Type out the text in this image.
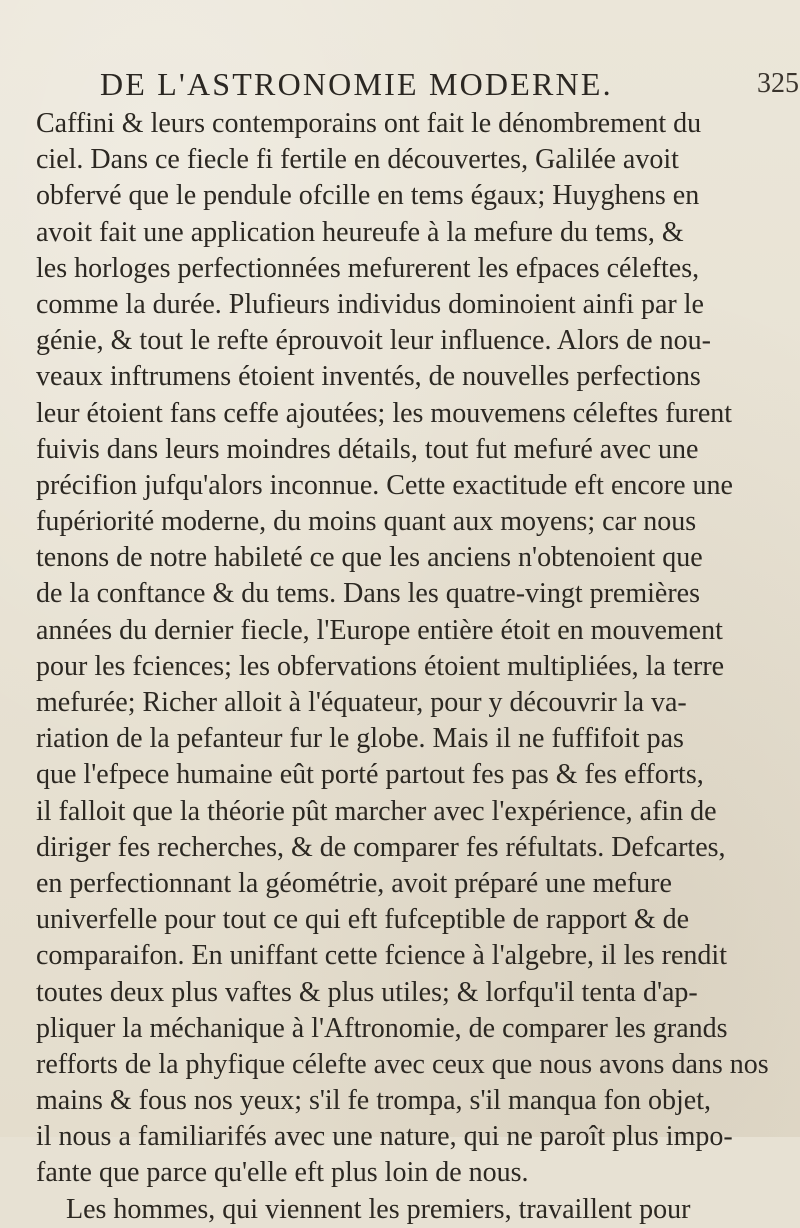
DE L'ASTRONOMIE MODERNE.	325
Caffini & leurs contemporains ont fait le dénombrement du
ciel. Dans ce fiecle fi fertile en découvertes, Galilée avoit
obfervé que le pendule ofcille en tems égaux; Huyghens en
avoit fait une application heureufe à la mefure du tems, &
les horloges perfectionnées mefurerent les efpaces céleftes,
comme la durée. Plufieurs individus dominoient ainfi par le
génie, & tout le refte éprouvoit leur influence. Alors de nou-
veaux inftrumens étoient inventés, de nouvelles perfections
leur étoient fans ceffe ajoutées; les mouvemens céleftes furent
fuivis dans leurs moindres détails, tout fut mefuré avec une
précifion jufqu'alors inconnue. Cette exactitude eft encore une
fupériorité moderne, du moins quant aux moyens; car nous
tenons de notre habileté ce que les anciens n'obtenoient que
de la conftance & du tems. Dans les quatre-vingt premières
années du dernier fiecle, l'Europe entière étoit en mouvement
pour les fciences; les obfervations étoient multipliées, la terre
mefurée; Richer alloit à l'équateur, pour y découvrir la va-
riation de la pefanteur fur le globe. Mais il ne fuffifoit pas
que l'efpece humaine eût porté partout fes pas & fes efforts,
il falloit que la théorie pût marcher avec l'expérience, afin de
diriger fes recherches, & de comparer fes réfultats. Defcartes,
en perfectionnant la géométrie, avoit préparé une mefure
univerfelle pour tout ce qui eft fufceptible de rapport & de
comparaifon. En uniffant cette fcience à l'algebre, il les rendit
toutes deux plus vaftes & plus utiles; & lorfqu'il tenta d'ap-
pliquer la méchanique à l'Aftronomie, de comparer les grands
refforts de la phyfique célefte avec ceux que nous avons dans nos
mains & fous nos yeux; s'il fe trompa, s'il manqua fon objet,
il nous a familiarifés avec une nature, qui ne paroît plus impo-
fante que parce qu'elle eft plus loin de nous.
Les hommes, qui viennent les premiers, travaillent pour
